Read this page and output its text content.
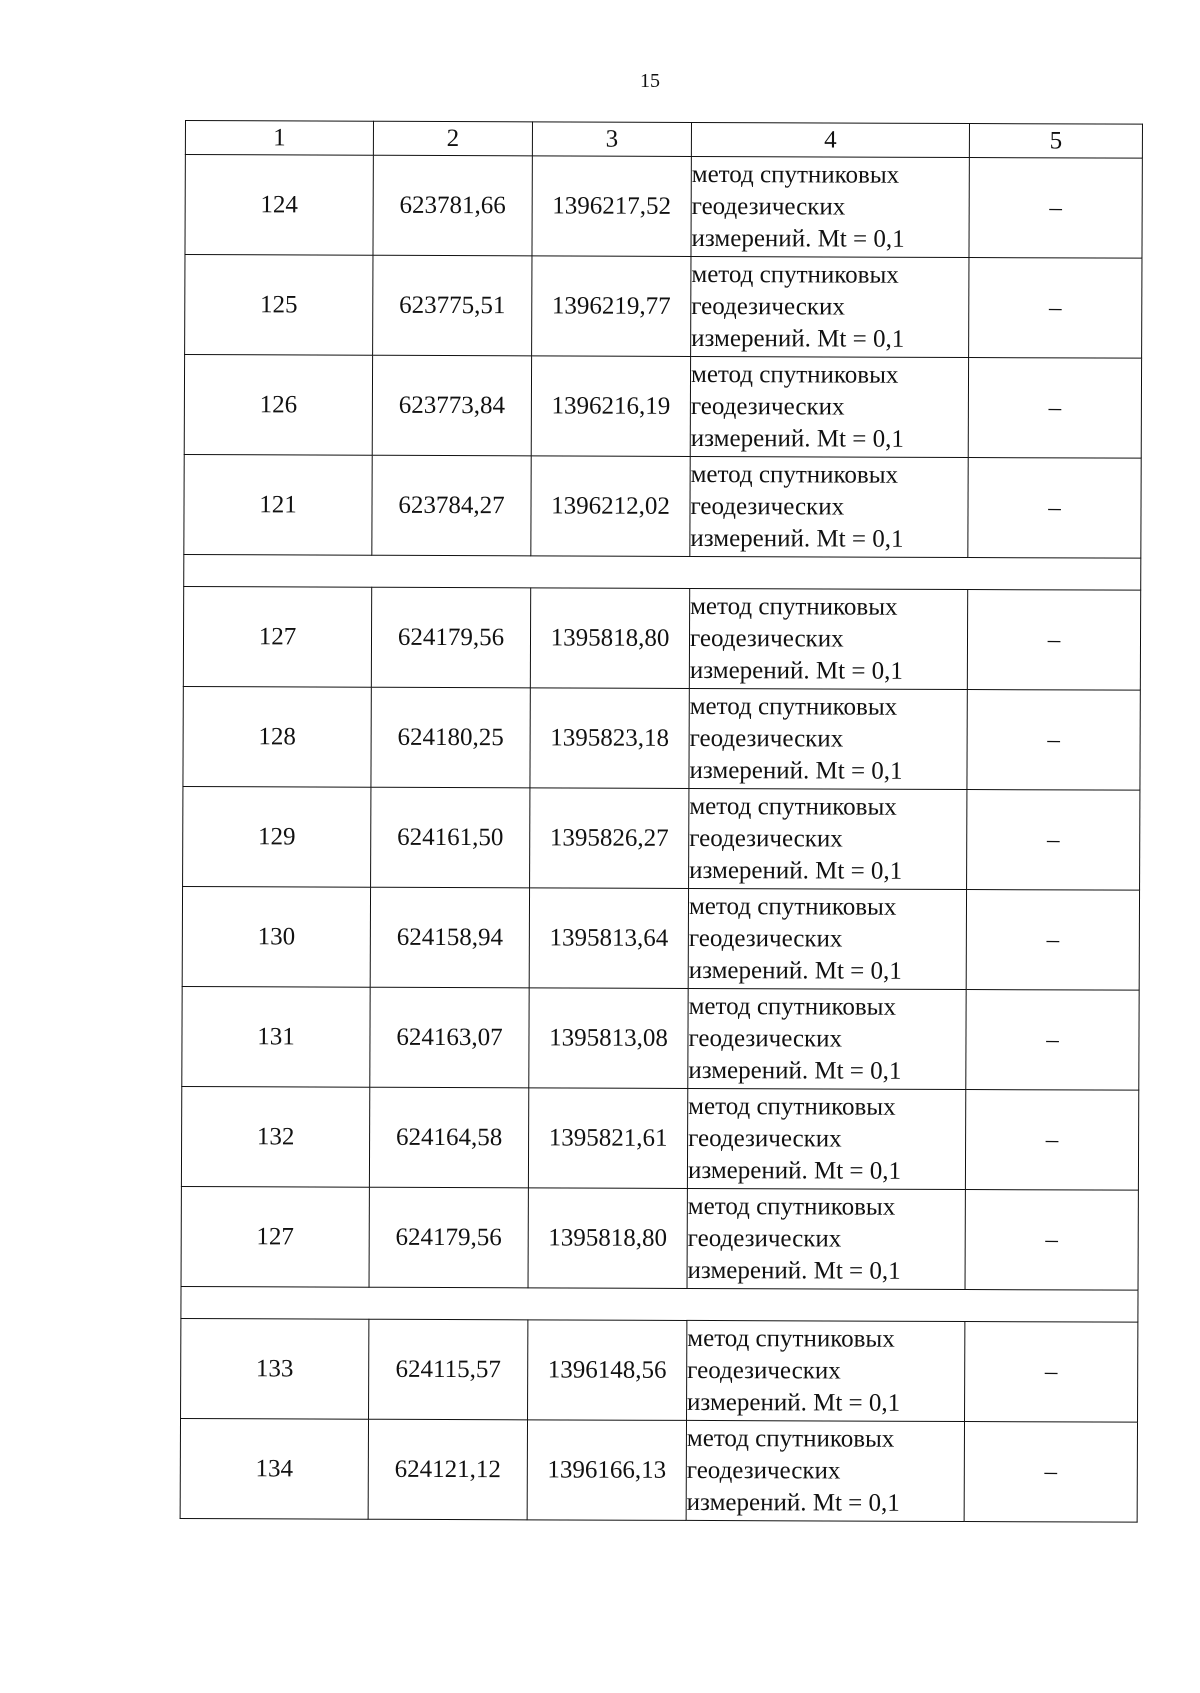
15
1	2	3	4	5
124	623781,66	1396217,52	метод спутниковых
геодезических
измерений. Mt = 0,1	–
125	623775,51	1396219,77	метод спутниковых
геодезических
измерений. Mt = 0,1	–
126	623773,84	1396216,19	метод спутниковых
геодезических
измерений. Mt = 0,1	–
121	623784,27	1396212,02	метод спутниковых
геодезических
измерений. Mt = 0,1	–

127	624179,56	1395818,80	метод спутниковых
геодезических
измерений. Mt = 0,1	–
128	624180,25	1395823,18	метод спутниковых
геодезических
измерений. Mt = 0,1	–
129	624161,50	1395826,27	метод спутниковых
геодезических
измерений. Mt = 0,1	–
130	624158,94	1395813,64	метод спутниковых
геодезических
измерений. Mt = 0,1	–
131	624163,07	1395813,08	метод спутниковых
геодезических
измерений. Mt = 0,1	–
132	624164,58	1395821,61	метод спутниковых
геодезических
измерений. Mt = 0,1	–
127	624179,56	1395818,80	метод спутниковых
геодезических
измерений. Mt = 0,1	–

133	624115,57	1396148,56	метод спутниковых
геодезических
измерений. Mt = 0,1	–
134	624121,12	1396166,13	метод спутниковых
геодезических
измерений. Mt = 0,1	–
